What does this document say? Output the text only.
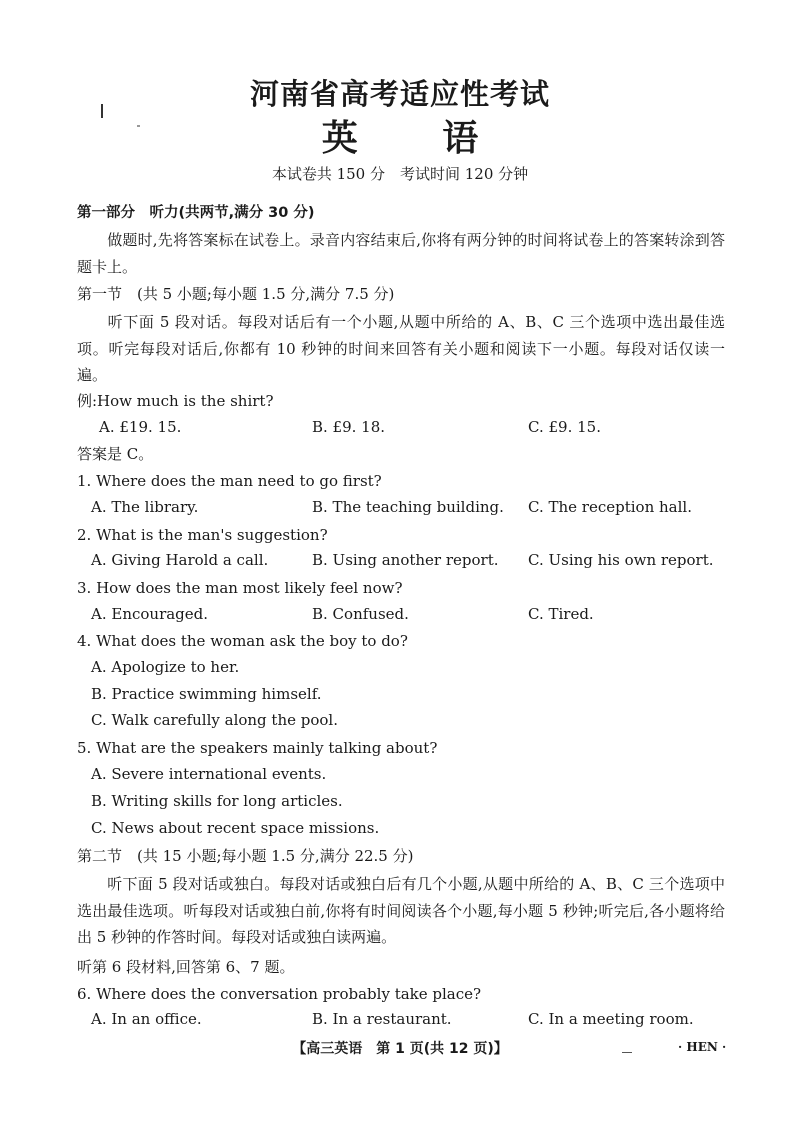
河南省高考适应性考试
英 语
本试卷共 150 分　考试时间 120 分钟
第一部分　听力(共两节,满分 30 分)
做题时,先将答案标在试卷上。录音内容结束后,你将有两分钟的时间将试卷上的答案转涂到答题卡上。
第一节　(共 5 小题;每小题 1.5 分,满分 7.5 分)
听下面 5 段对话。每段对话后有一个小题,从题中所给的 A、B、C 三个选项中选出最佳选项。听完每段对话后,你都有 10 秒钟的时间来回答有关小题和阅读下一小题。每段对话仅读一遍。
例:How much is the shirt?
A. £19. 15.	B. £9. 18.	C. £9. 15.
答案是 C。
1. Where does the man need to go first?
A. The library.	B. The teaching building. C. The reception hall.
2. What is the man's suggestion?
A. Giving Harold a call.	B. Using another report. C. Using his own report.
3. How does the man most likely feel now?
A. Encouraged.	B. Confused.	C. Tired.
4. What does the woman ask the boy to do?
A. Apologize to her.
B. Practice swimming himself.
C. Walk carefully along the pool.
5. What are the speakers mainly talking about?
A. Severe international events.
B. Writing skills for long articles.
C. News about recent space missions.
第二节　(共 15 小题;每小题 1.5 分,满分 22.5 分)
听下面 5 段对话或独白。每段对话或独白后有几个小题,从题中所给的 A、B、C 三个选项中选出最佳选项。听每段对话或独白前,你将有时间阅读各个小题,每小题 5 秒钟;听完后,各小题将给出 5 秒钟的作答时间。每段对话或独白读两遍。
听第 6 段材料,回答第 6、7 题。
6. Where does the conversation probably take place?
A. In an office.	B. In a restaurant.	C. In a meeting room.
【高三英语　第 1 页(共 12 页)】	· HEN ·
